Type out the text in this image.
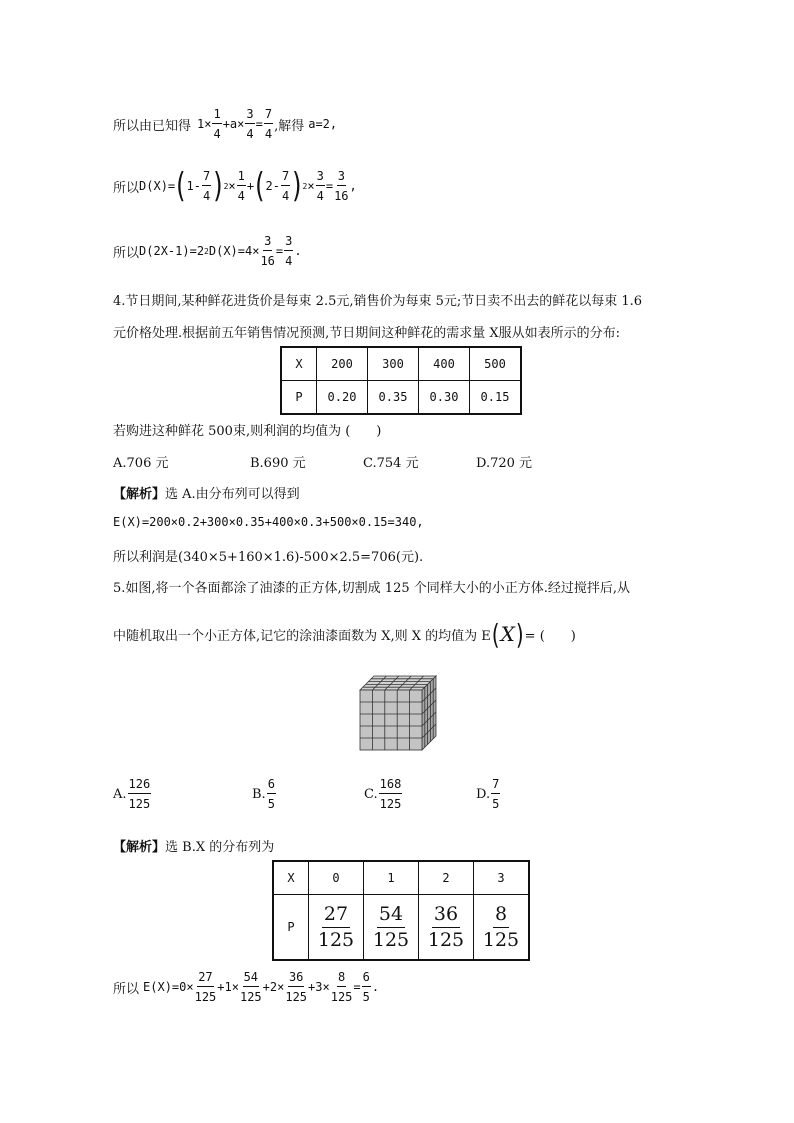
所以由已知得 $1\times \frac{1}{4} +a\times \frac{3}{4} = \frac{7}{4}$ ,解得 a=2,
所以 D(X)= ( $1- \frac{7}{4}$ ) $2 \times \frac{1}{4}$ + ( $2- \frac{7}{4}$ ) $2 \times \frac{3}{4} = \frac{3}{16}$ ,
所以 D(2X-1)=2 2 $D(X)=4\times \frac{3}{16} = \frac{3}{4}$ .
4.节日期间,某种鲜花进货价是每束 2.5元,销售价为每束 5元;节日卖不出去的鲜花以每束 1.6
元价格处理.根据前五年销售情况预测,节日期间这种鲜花的需求量 X服从如表所示的分布:
X	200	300	400	500
P	0.20	0.35	0.30	0.15
若购进这种鲜花 500束,则利润的均值为 (　　)
A.706 元	B.690 元	C.754 元	D.720 元
【解析】 选 A.由分布列可以得到
E(X)=200×0.2+300×0.35+400×0.3+500×0.15=340,
所以利润是(340×5+160×1.6)-500×2.5=706(元).
5.如图,将一个各面都涂了油漆的正方体,切割成 125 个同样大小的小正方体.经过搅拌后,从
中随机取出一个小正方体,记它的涂油漆面数为 X,则 X 的均值为 E ( X ) = (　　)
A. $\frac{126}{125}$	B. $\frac{6}{5}$	C. $\frac{168}{125}$	D. $\frac{7}{5}$
【解析】 选 B.X 的分布列为
X	0	1	2	3
P	$\frac{27}{125}$	$\frac{54}{125}$	$\frac{36}{125}$	$\frac{8}{125}$
所以 $E(X)=0\times \frac{27}{125} +1\times \frac{54}{125} +2\times \frac{36}{125} +3\times \frac{8}{125} = \frac{6}{5}$ .
